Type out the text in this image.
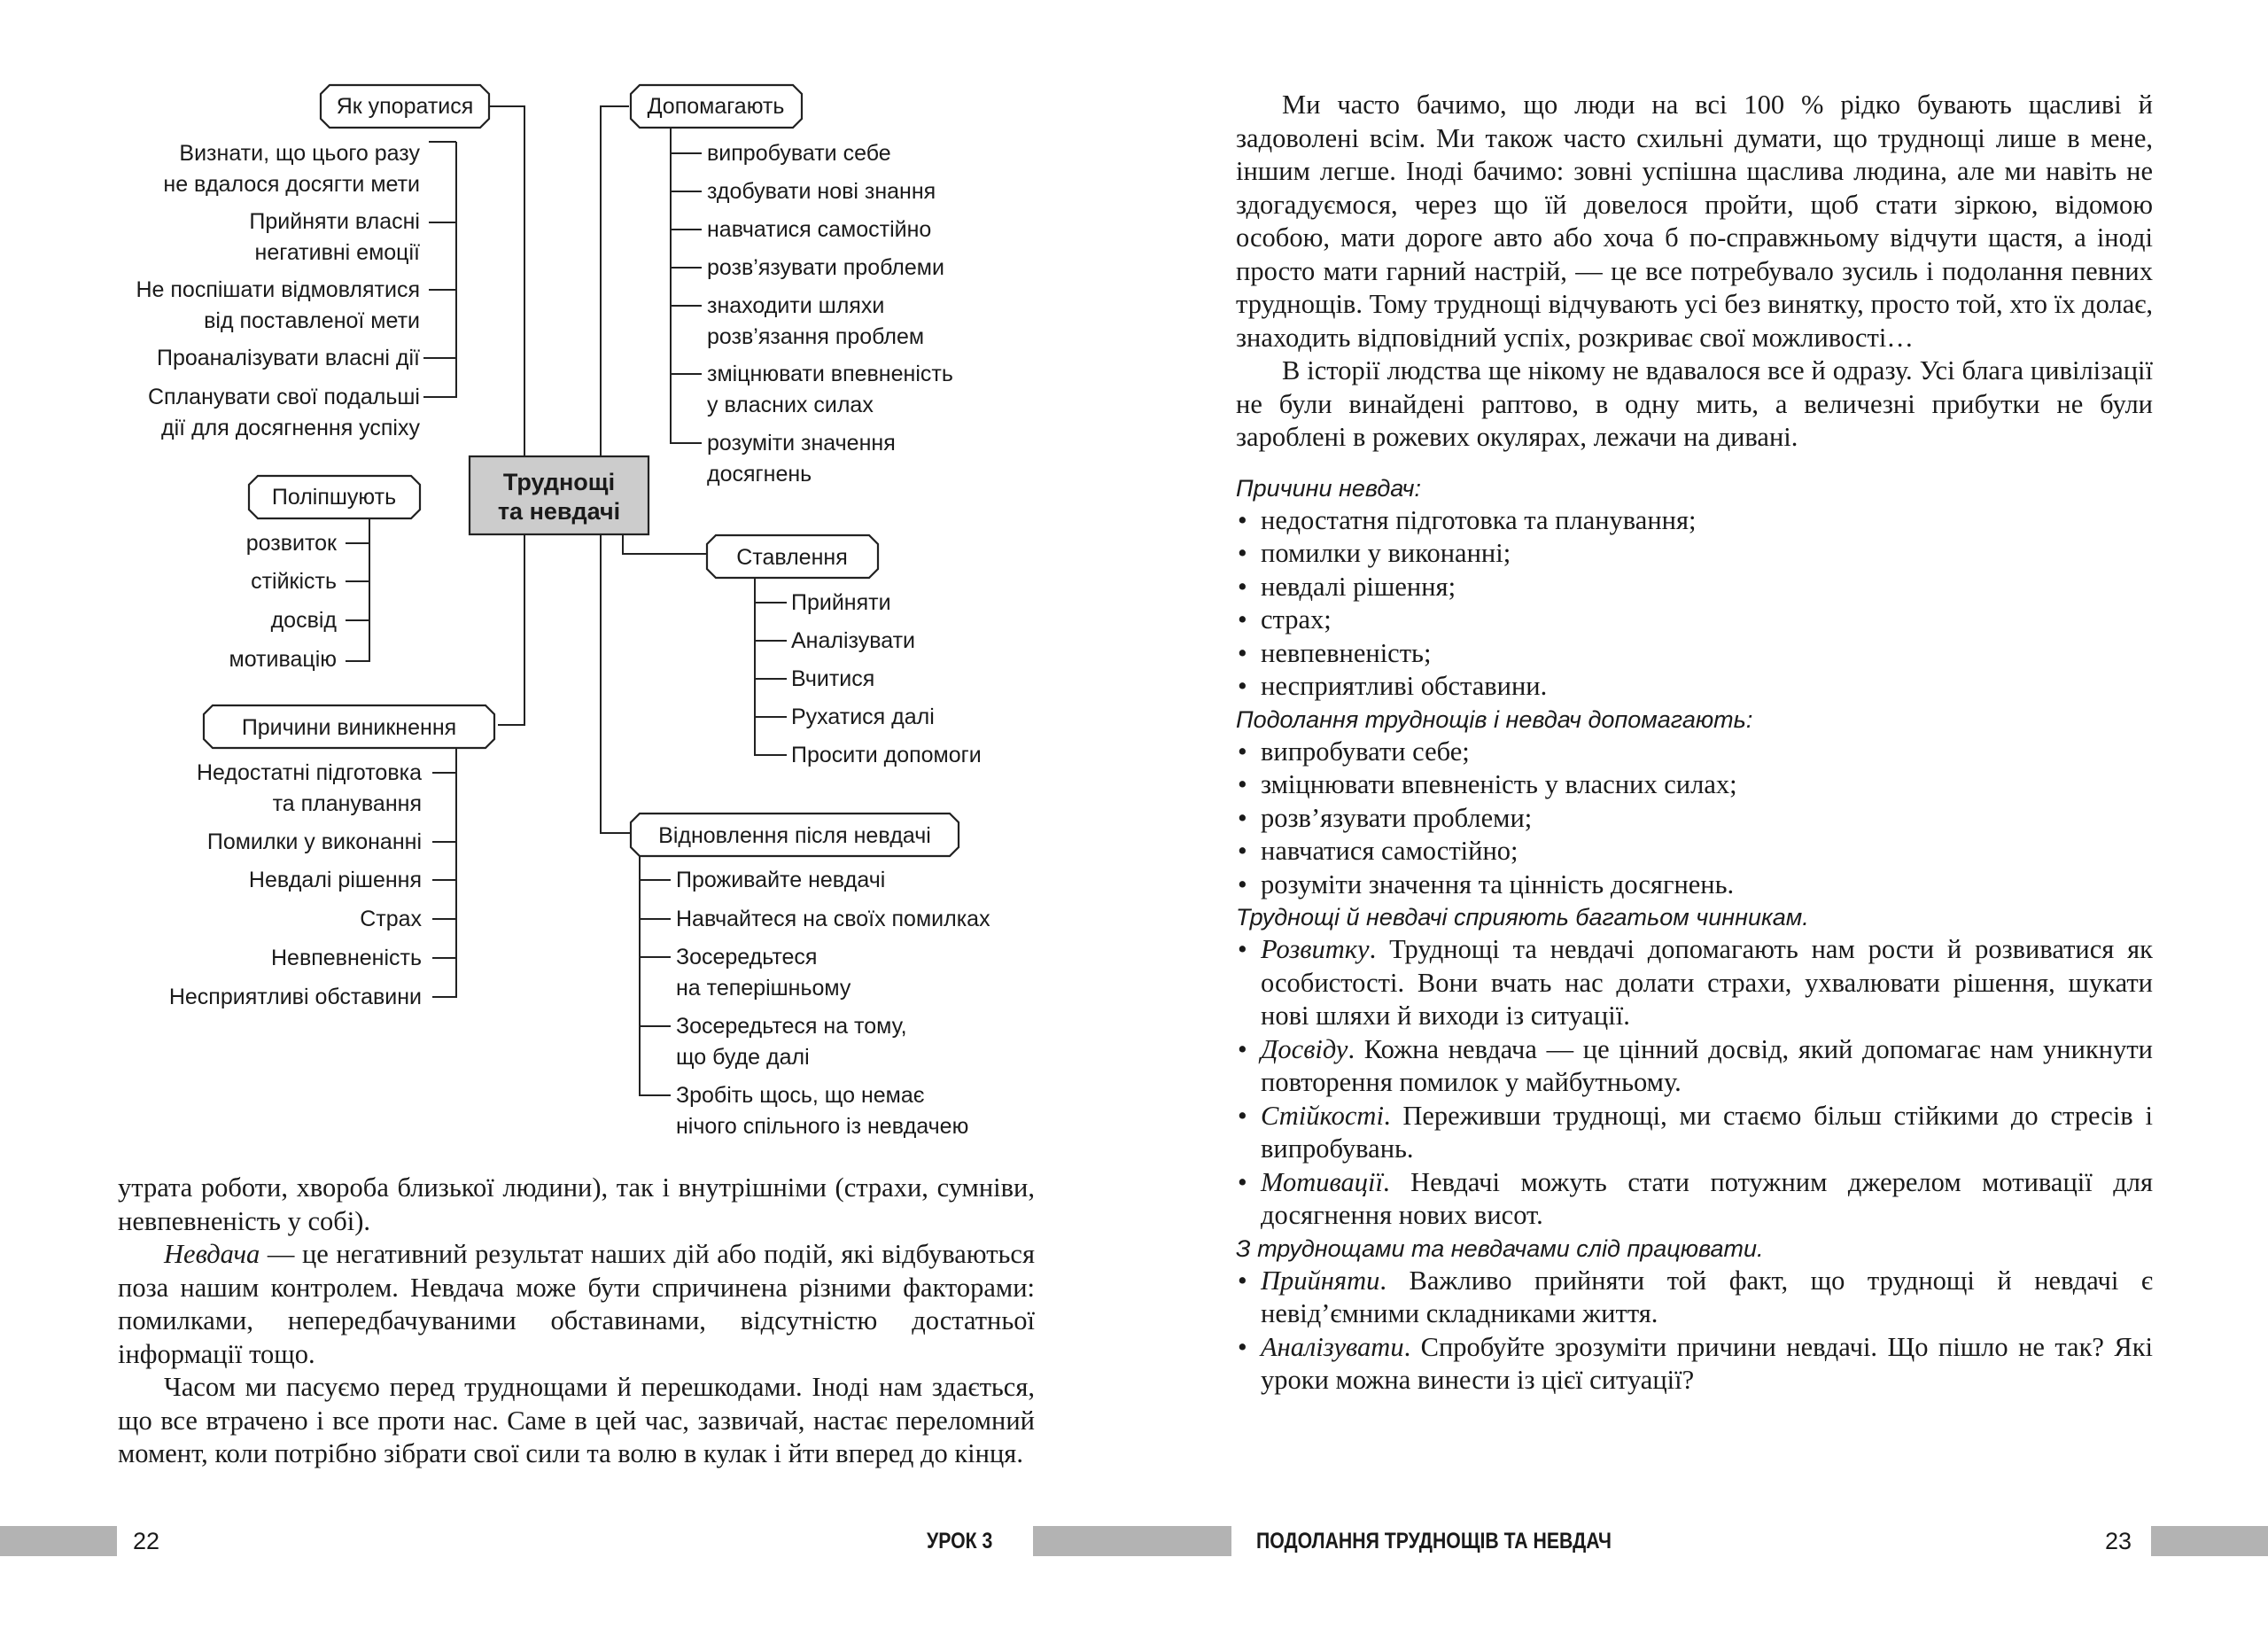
Труднощі
та невдачі
Як упоратися
Поліпшують
Причини виникнення
Допомагають
Ставлення
Відновлення після невдачі
Визнати, що цього разу
не вдалося досягти мети
Прийняти власні
негативні емоції
Не поспішати відмовлятися
від поставленої мети
Проаналізувати власні дії
Спланувати свої подальші
дії для досягнення успіху
розвиток
стійкість
досвід
мотивацію
Недостатні підготовка
та планування
Помилки у виконанні
Невдалі рішення
Страх
Невпевненість
Несприятливі обставини
випробувати себе
здобувати нові знання
навчатися самостійно
розв’язувати проблеми
знаходити шляхи
розв’язання проблем
зміцнювати впевненість
у власних силах
розуміти значення
досягнень
Прийняти
Аналізувати
Вчитися
Рухатися далі
Просити допомоги
Проживайте невдачі
Навчайтеся на своїх помилках
Зосередьтеся
на теперішньому
Зосередьтеся на тому,
що буде далі
Зробіть щось, що немає
нічого спільного із невдачею

утрата роботи, хвороба близької людини), так і внутрішніми (страхи, сумніви, невпевненість у собі).

Невдача — це негативний результат наших дій або подій, які відбуваються поза нашим контролем. Невдача може бути спричинена різними факторами: помилками, непередбачуваними обставинами, відсутністю достатньої інформації тощо.

Часом ми пасуємо перед труднощами й перешкодами. Іноді нам здається, що все втрачено і все проти нас. Саме в цей час, зазвичай, настає переломний момент, коли потрібно зібрати свої сили та волю в кулак і йти вперед до кінця.

Ми часто бачимо, що люди на всі 100 % рідко бувають щасливі й задоволені всім. Ми також часто схильні думати, що труднощі лише в мене, іншим легше. Іноді бачимо: зовні успішна щаслива людина, але ми навіть не здогадуємося, через що їй довелося пройти, щоб стати зіркою, відомою особою, мати дороге авто або хоча б по-справжньому відчути щастя, а іноді просто мати гарний настрій, — це все потребувало зусиль і подолання певних труднощів. Тому труднощі відчувають усі без винятку, просто той, хто їх долає, знаходить відповідний успіх, розкриває свої можливості…

В історії людства ще нікому не вдавалося все й одразу. Усі блага цивілізації не були винайдені раптово, в одну мить, а величезні прибутки не були зароблені в рожевих окулярах, лежачи на дивані.

Причини невдач:

• недостатня підготовка та планування;
• помилки у виконанні;
• невдалі рішення;
• страх;
• невпевненість;
• несприятливі обставини.

Подолання труднощів і невдач допомагають:

• випробувати себе;
• зміцнювати впевненість у власних силах;
• розв’язувати проблеми;
• навчатися самостійно;
• розуміти значення та цінність досягнень.

Труднощі й невдачі сприяють багатьом чинникам.

• Розвитку. Труднощі та невдачі допомагають нам рости й розвиватися як особистості. Вони вчать нас долати страхи, ухвалювати рішення, шукати нові шляхи й виходи із ситуації.
• Досвіду. Кожна невдача — це цінний досвід, який допомагає нам уникнути повторення помилок у майбутньому.
• Стійкості. Переживши труднощі, ми стаємо більш стійкими до стресів і випробувань.
• Мотивації. Невдачі можуть стати потужним джерелом мотивації для досягнення нових висот.

З труднощами та невдачами слід працювати.

• Прийняти. Важливо прийняти той факт, що труднощі й невдачі є невід’ємними складниками життя.
• Аналізувати. Спробуйте зрозуміти причини невдачі. Що пішло не так? Які уроки можна винести із цієї ситуації?
22	УРОК 3	ПОДОЛАННЯ ТРУДНОЩІВ ТА НЕВДАЧ	23
